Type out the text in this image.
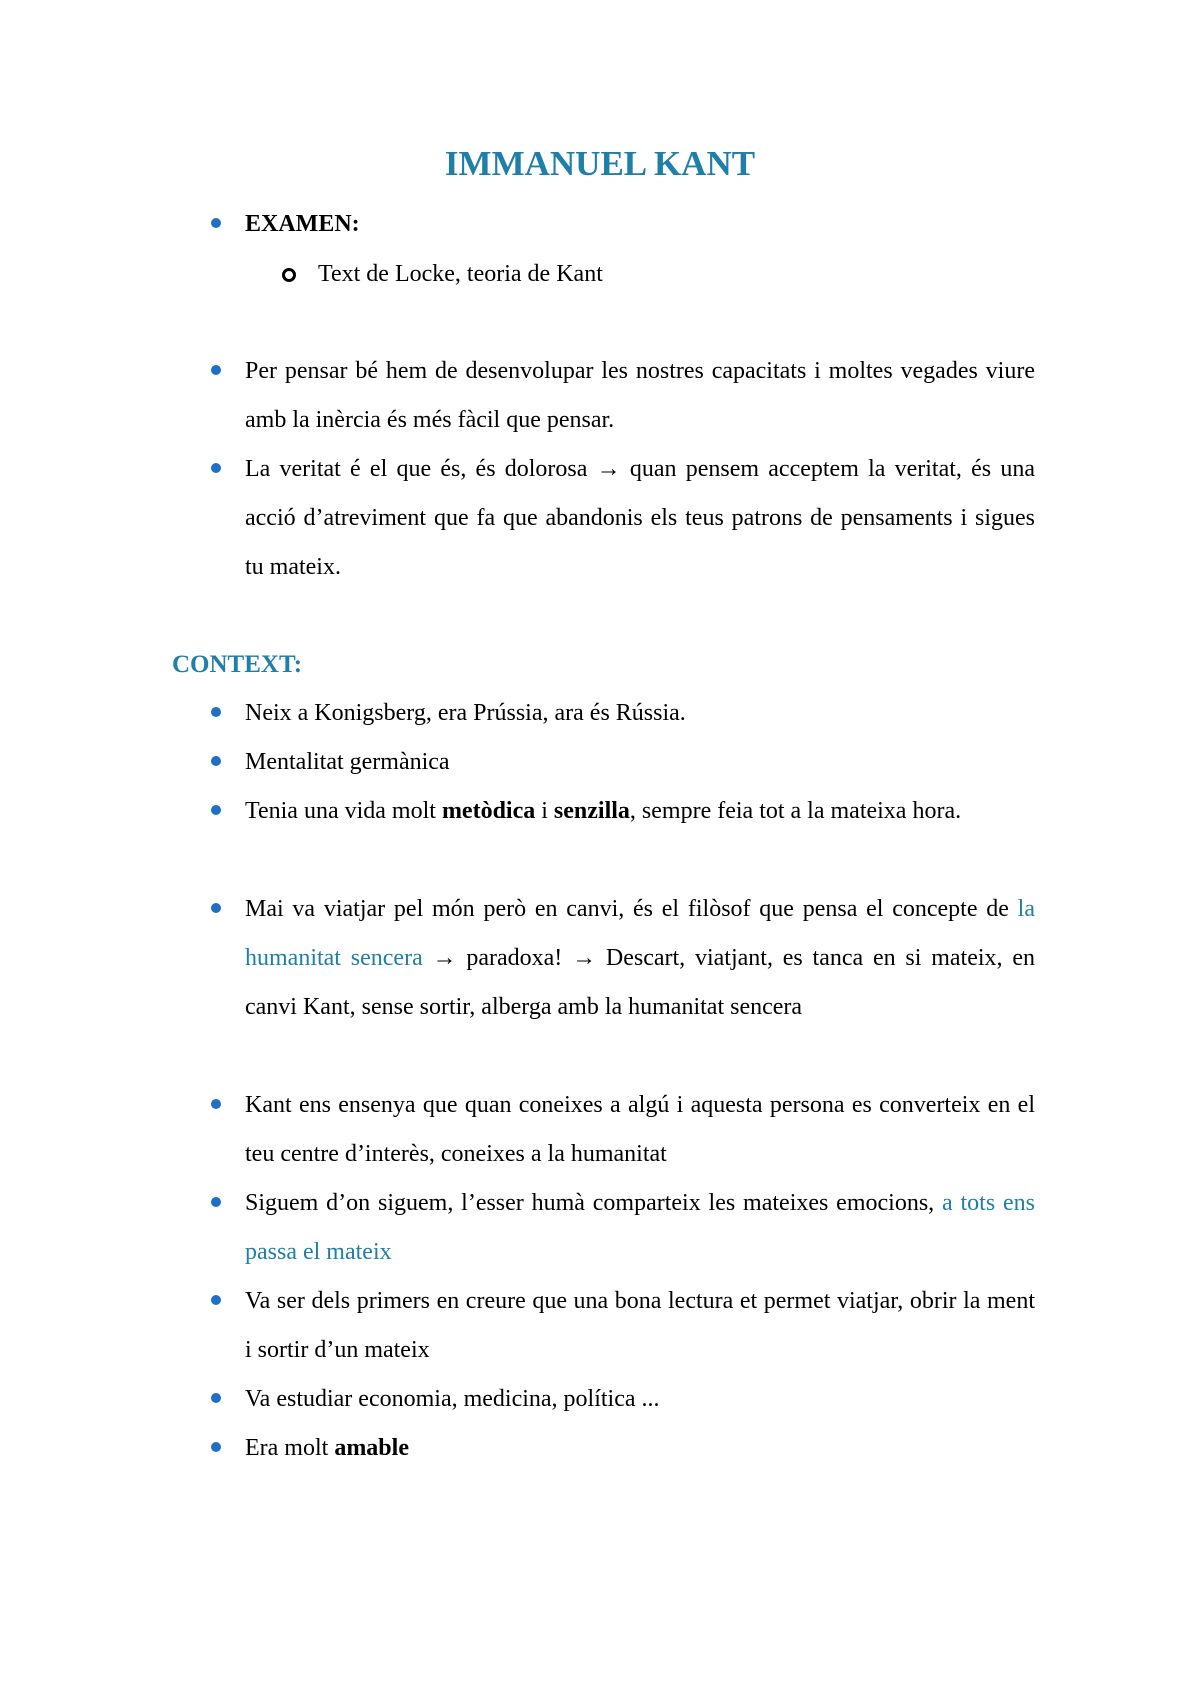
IMMANUEL KANT
EXAMEN:
Text de Locke, teoria de Kant
Per pensar bé hem de desenvolupar les nostres capacitats i moltes vegades viure amb la inèrcia és més fàcil que pensar.
La veritat é el que és, és dolorosa → quan pensem acceptem la veritat, és una acció d’atreviment que fa que abandonis els teus patrons de pensaments i sigues tu mateix.
CONTEXT:
Neix a Konigsberg, era Prússia, ara és Rússia.
Mentalitat germànica
Tenia una vida molt metòdica i senzilla, sempre feia tot a la mateixa hora.
Mai va viatjar pel món però en canvi, és el filòsof que pensa el concepte de la humanitat sencera → paradoxa! → Descart, viatjant, es tanca en si mateix, en canvi Kant, sense sortir, alberga amb la humanitat sencera
Kant ens ensenya que quan coneixes a algú i aquesta persona es converteix en el teu centre d’interès, coneixes a la humanitat
Siguem d’on siguem, l’esser humà comparteix les mateixes emocions, a tots ens passa el mateix
Va ser dels primers en creure que una bona lectura et permet viatjar, obrir la ment i sortir d’un mateix
Va estudiar economia, medicina, política ...
Era molt amable
